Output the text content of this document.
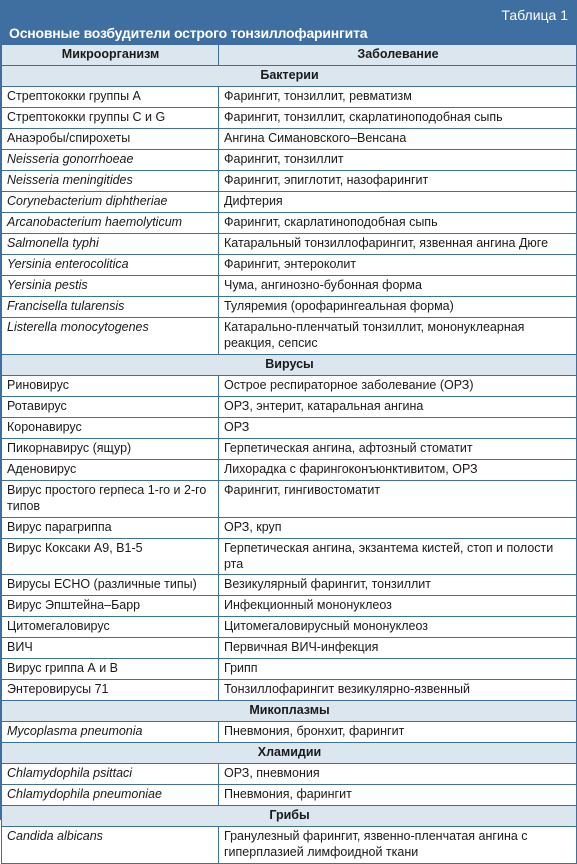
Таблица 1
Основные возбудители острого тонзиллофарингита
Микроорганизм	Заболевание
Бактерии	
Стрептококки группы А	Фарингит, тонзиллит, ревматизм
Стрептококки группы С и G	Фарингит, тонзиллит, скарлатиноподобная сыпь
Анаэробы/спирохеты	Ангина Симановского–Венсана
Neisseria gonorrhoeae	Фарингит, тонзиллит
Neisseria meningitides	Фарингит, эпиглотит, назофарингит
Corynebacterium diphtheriae	Дифтерия
Arcanobacterium haemolyticum	Фарингит, скарлатиноподобная сыпь
Salmonella typhi	Катаральный тонзиллофарингит, язвенная ангина Дюге
Yersinia enterocolitica	Фарингит, энтероколит
Yersinia pestis	Чума, ангинозно-бубонная форма
Francisella tularensis	Туляремия (орофарингеальная форма)
Listerella monocytogenes	Катарально-пленчатый тонзиллит, мононуклеарная реакция, сепсис
Вирусы	
Риновирус	Острое респираторное заболевание (ОРЗ)
Ротавирус	ОРЗ, энтерит, катаральная ангина
Коронавирус	ОРЗ
Пикорнавирус (ящур)	Герпетическая ангина, афтозный стоматит
Аденовирус	Лихорадка с фарингоконъюнктивитом, ОРЗ
Вирус простого герпеса 1-го и 2-го типов	Фарингит, гингивостоматит
Вирус парагриппа	ОРЗ, круп
Вирус Коксаки А9, В1-5	Герпетическая ангина, экзантема кистей, стоп и полости рта
Вирусы ECHO (различные типы)	Везикулярный фарингит, тонзиллит
Вирус Эпштейна–Барр	Инфекционный мононуклеоз
Цитомегаловирус	Цитомегаловирусный мононуклеоз
ВИЧ	Первичная ВИЧ-инфекция
Вирус гриппа А и В	Грипп
Энтеровирусы 71	Тонзиллофарингит везикулярно-язвенный
Микоплазмы	
Mycoplasma pneumonia	Пневмония, бронхит, фарингит
Хламидии	
Chlamydophila psittaci	ОРЗ, пневмония
Chlamydophila pneumoniae	Пневмония, фарингит
Грибы	
Candida albicans	Гранулезный фарингит, язвенно-пленчатая ангина с гиперплазией лимфоидной ткани
